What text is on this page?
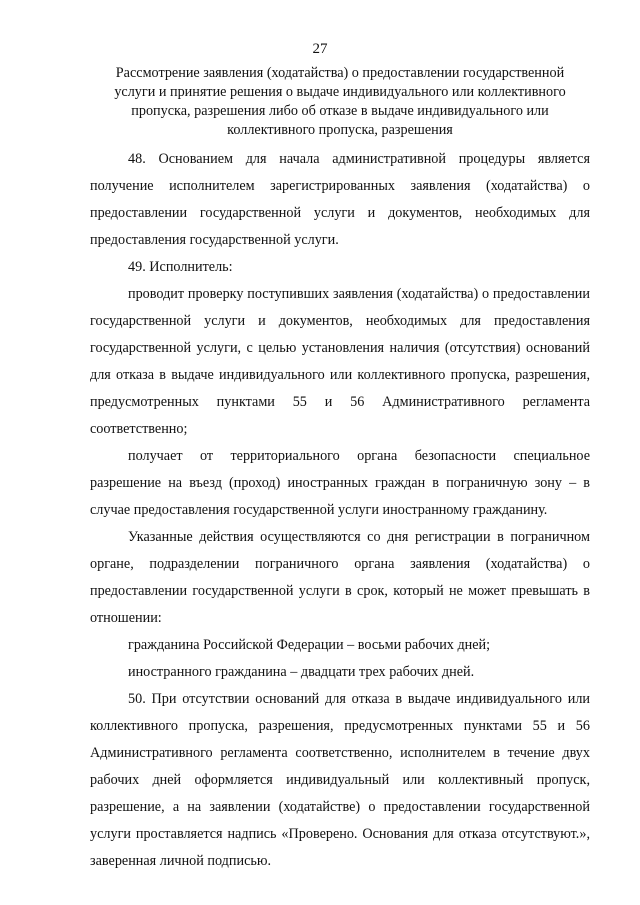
27
Рассмотрение заявления (ходатайства) о предоставлении государственной услуги и принятие решения о выдаче индивидуального или коллективного пропуска, разрешения либо об отказе в выдаче индивидуального или коллективного пропуска, разрешения

48. Основанием для начала административной процедуры является получение исполнителем зарегистрированных заявления (ходатайства) о предоставлении государственной услуги и документов, необходимых для предоставления государственной услуги.

49. Исполнитель:

проводит проверку поступивших заявления (ходатайства) о предоставлении государственной услуги и документов, необходимых для предоставления государственной услуги, с целью установления наличия (отсутствия) оснований для отказа в выдаче индивидуального или коллективного пропуска, разрешения, предусмотренных пунктами 55 и 56 Административного регламента соответственно;

получает от территориального органа безопасности специальное разрешение на въезд (проход) иностранных граждан в пограничную зону – в случае предоставления государственной услуги иностранному гражданину.

Указанные действия осуществляются со дня регистрации в пограничном органе, подразделении пограничного органа заявления (ходатайства) о предоставлении государственной услуги в срок, который не может превышать в отношении:

гражданина Российской Федерации – восьми рабочих дней;

иностранного гражданина – двадцати трех рабочих дней.

50. При отсутствии оснований для отказа в выдаче индивидуального или коллективного пропуска, разрешения, предусмотренных пунктами 55 и 56 Административного регламента соответственно, исполнителем в течение двух рабочих дней оформляется индивидуальный или коллективный пропуск, разрешение, а на заявлении (ходатайстве) о предоставлении государственной услуги проставляется надпись «Проверено. Основания для отказа отсутствуют.», заверенная личной подписью.
